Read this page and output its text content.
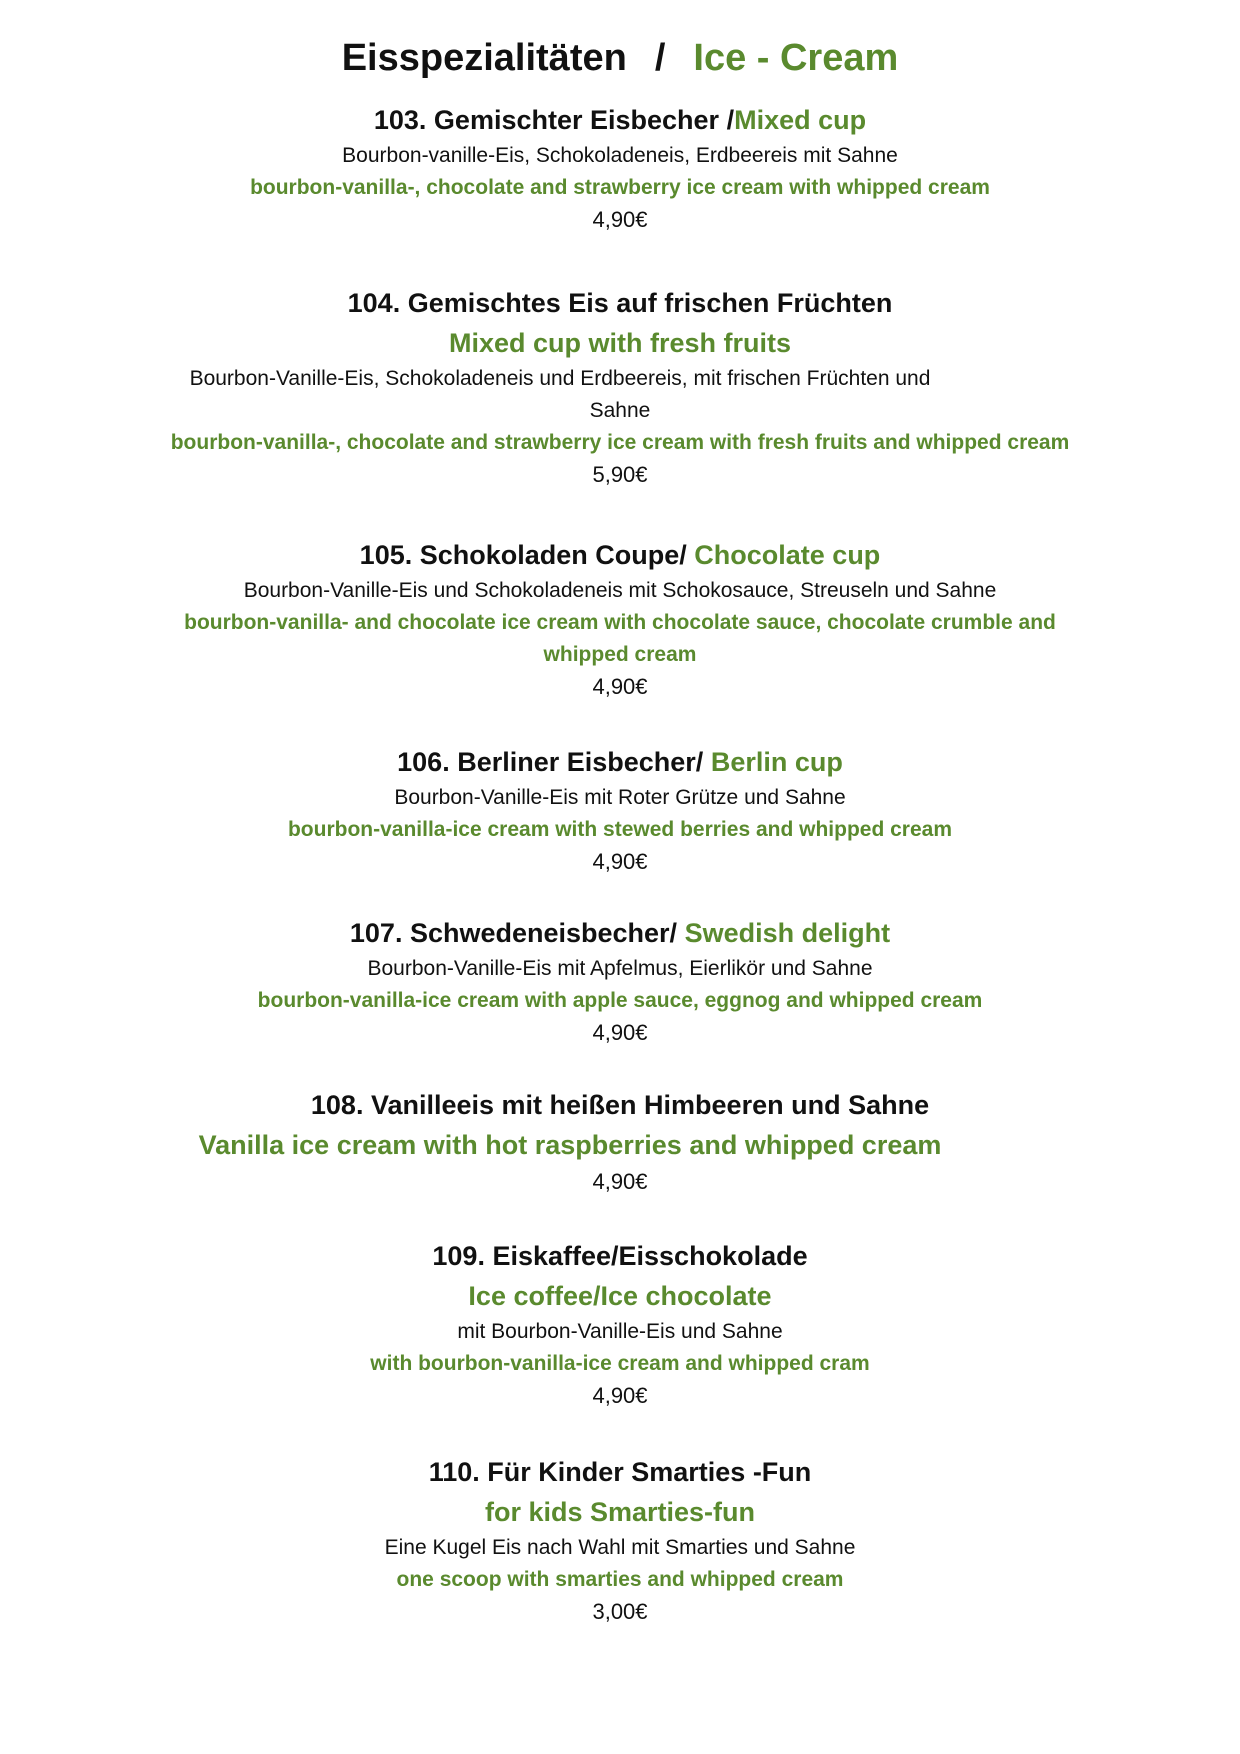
Eisspezialitäten / Ice - Cream
103. Gemischter Eisbecher /Mixed cup
Bourbon-vanille-Eis, Schokoladeneis, Erdbeereis mit Sahne
bourbon-vanilla-, chocolate and strawberry ice cream with whipped cream
4,90€
104. Gemischtes Eis auf frischen Früchten
Mixed cup with fresh fruits
Bourbon-Vanille-Eis, Schokoladeneis und Erdbeereis, mit frischen Früchten und
Sahne
bourbon-vanilla-, chocolate and strawberry ice cream with fresh fruits and whipped cream
5,90€
105. Schokoladen Coupe/ Chocolate cup
Bourbon-Vanille-Eis und Schokoladeneis mit Schokosauce, Streuseln und Sahne
bourbon-vanilla- and chocolate ice cream with chocolate sauce, chocolate crumble and
whipped cream
4,90€
106. Berliner Eisbecher/ Berlin cup
Bourbon-Vanille-Eis mit Roter Grütze und Sahne
bourbon-vanilla-ice cream with stewed berries and whipped cream
4,90€
107. Schwedeneisbecher/ Swedish delight
Bourbon-Vanille-Eis mit Apfelmus, Eierlikör und Sahne
bourbon-vanilla-ice cream with apple sauce, eggnog and whipped cream
4,90€
108. Vanilleeis mit heißen Himbeeren und Sahne
Vanilla ice cream with hot raspberries and whipped cream
4,90€
109. Eiskaffee/Eisschokolade
Ice coffee/Ice chocolate
mit Bourbon-Vanille-Eis und Sahne
with bourbon-vanilla-ice cream and whipped cram
4,90€
110. Für Kinder Smarties -Fun
for kids Smarties-fun
Eine Kugel Eis nach Wahl mit Smarties und Sahne
one scoop with smarties and whipped cream
3,00€
